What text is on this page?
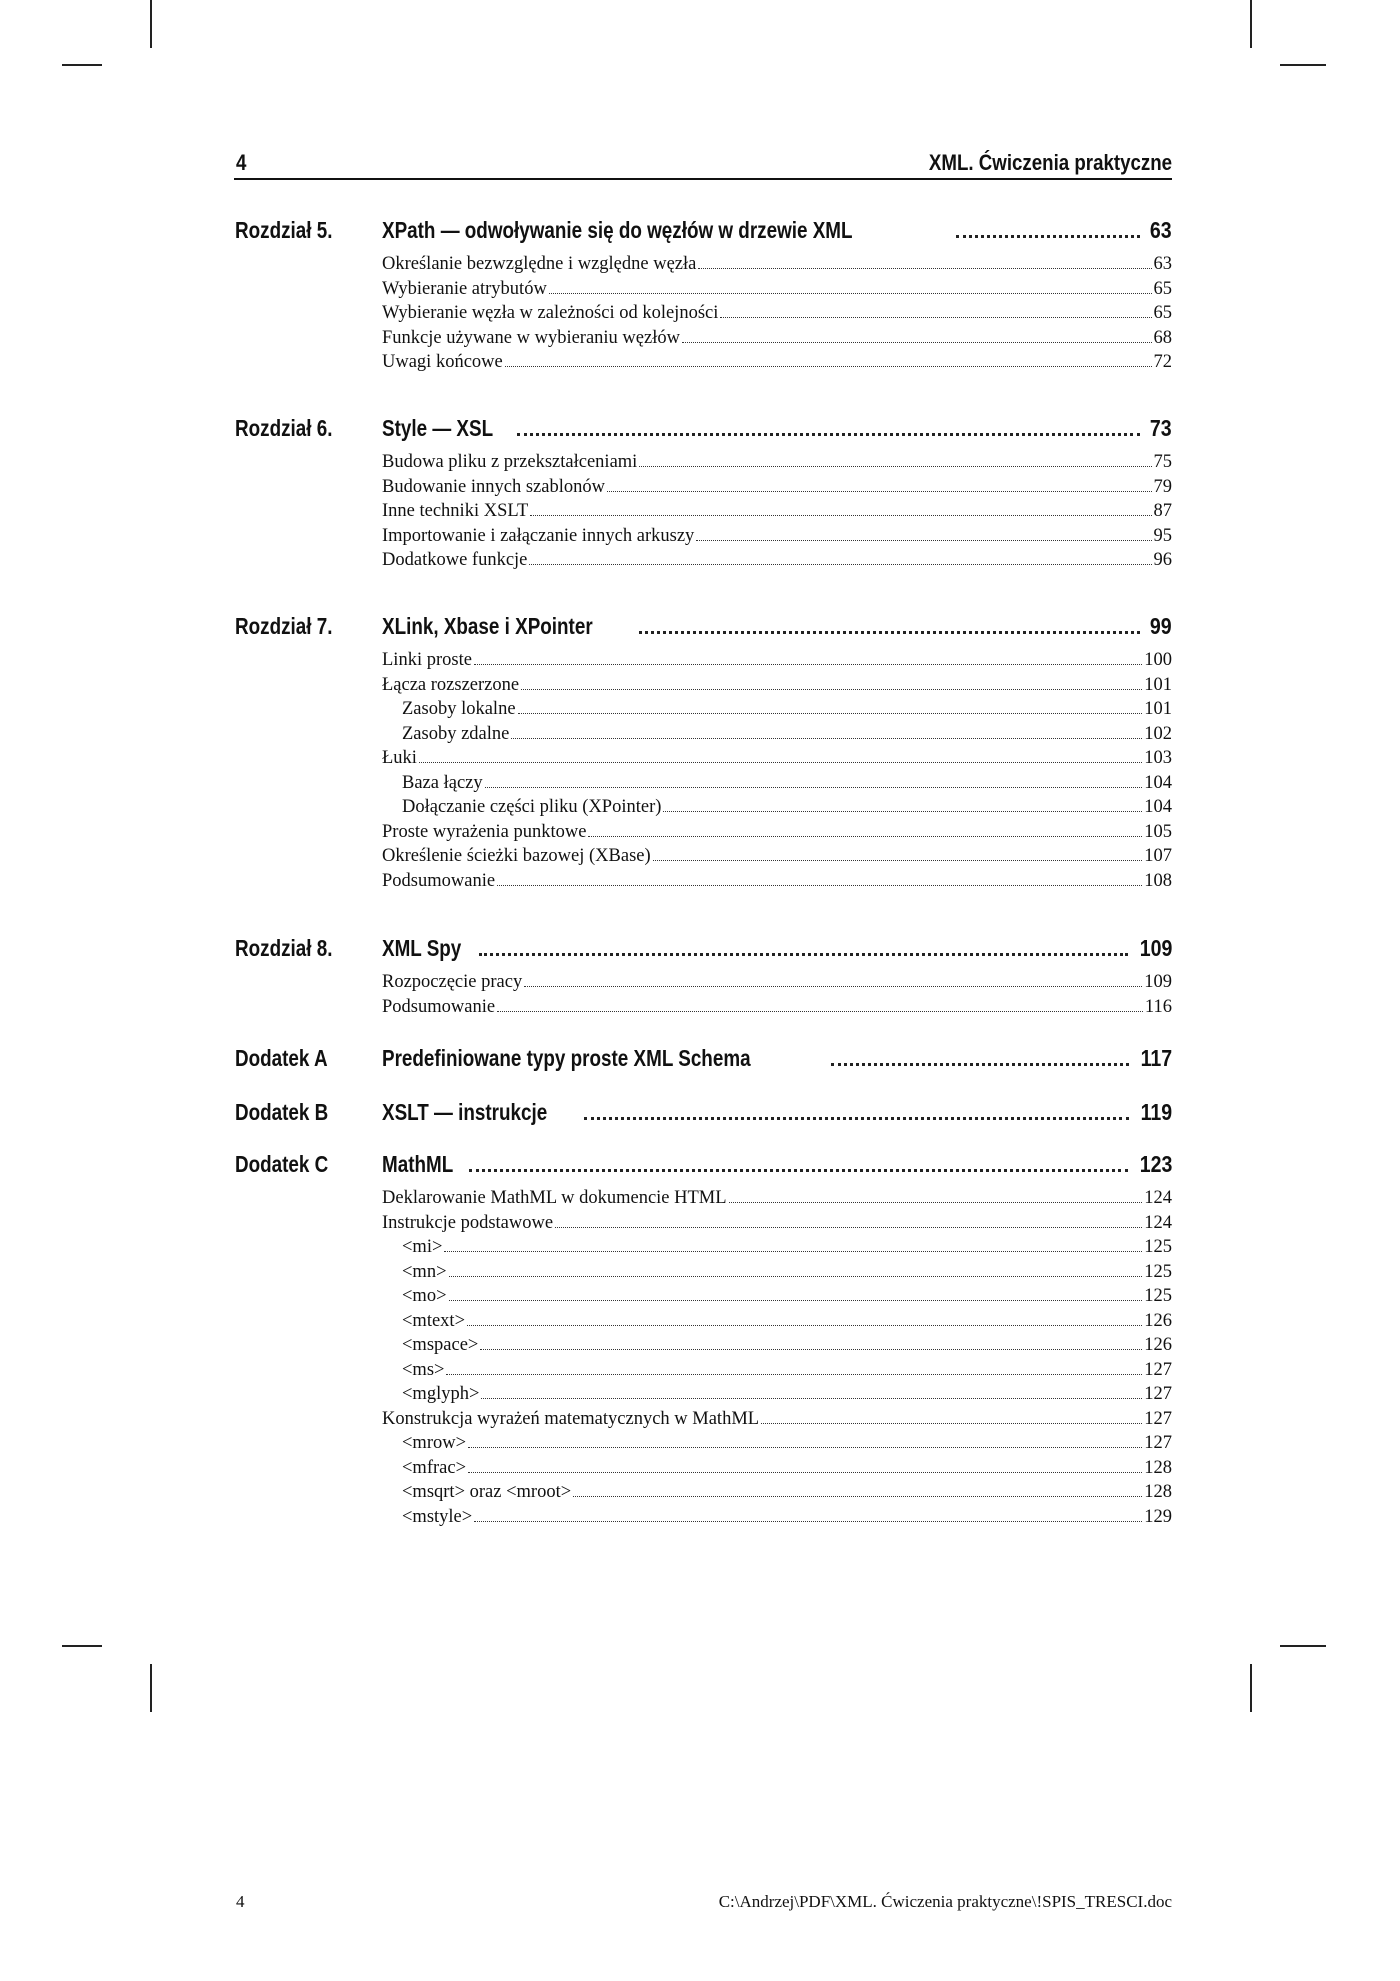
4	XML. Ćwiczenia praktyczne
Rozdział 5. XPath — odwoływanie się do węzłów w drzewie XML	63
Określanie bezwzględne i względne węzła	63
Wybieranie atrybutów	65
Wybieranie węzła w zależności od kolejności	65
Funkcje używane w wybieraniu węzłów	68
Uwagi końcowe	72
Rozdział 6. Style — XSL	73
Budowa pliku z przekształceniami	75
Budowanie innych szablonów	79
Inne techniki XSLT	87
Importowanie i załączanie innych arkuszy	95
Dodatkowe funkcje	96
Rozdział 7. XLink, Xbase i XPointer	99
Linki proste	100
Łącza rozszerzone	101
Zasoby lokalne	101
Zasoby zdalne	102
Łuki	103
Baza łączy	104
Dołączanie części pliku (XPointer)	104
Proste wyrażenia punktowe	105
Określenie ścieżki bazowej (XBase)	107
Podsumowanie	108
Rozdział 8. XML Spy	109
Rozpoczęcie pracy	109
Podsumowanie	116
Dodatek A Predefiniowane typy proste XML Schema	117
Dodatek B XSLT — instrukcje	119
Dodatek C MathML	123
Deklarowanie MathML w dokumencie HTML	124
Instrukcje podstawowe	124
<mi>	125
<mn>	125
<mo>	125
<mtext>	126
<mspace>	126
<ms>	127
<mglyph>	127
Konstrukcja wyrażeń matematycznych w MathML	127
<mrow>	127
<mfrac>	128
<msqrt> oraz <mroot>	128
<mstyle>	129
4	C:\Andrzej\PDF\XML. Ćwiczenia praktyczne\!SPIS_TRESCI.doc
